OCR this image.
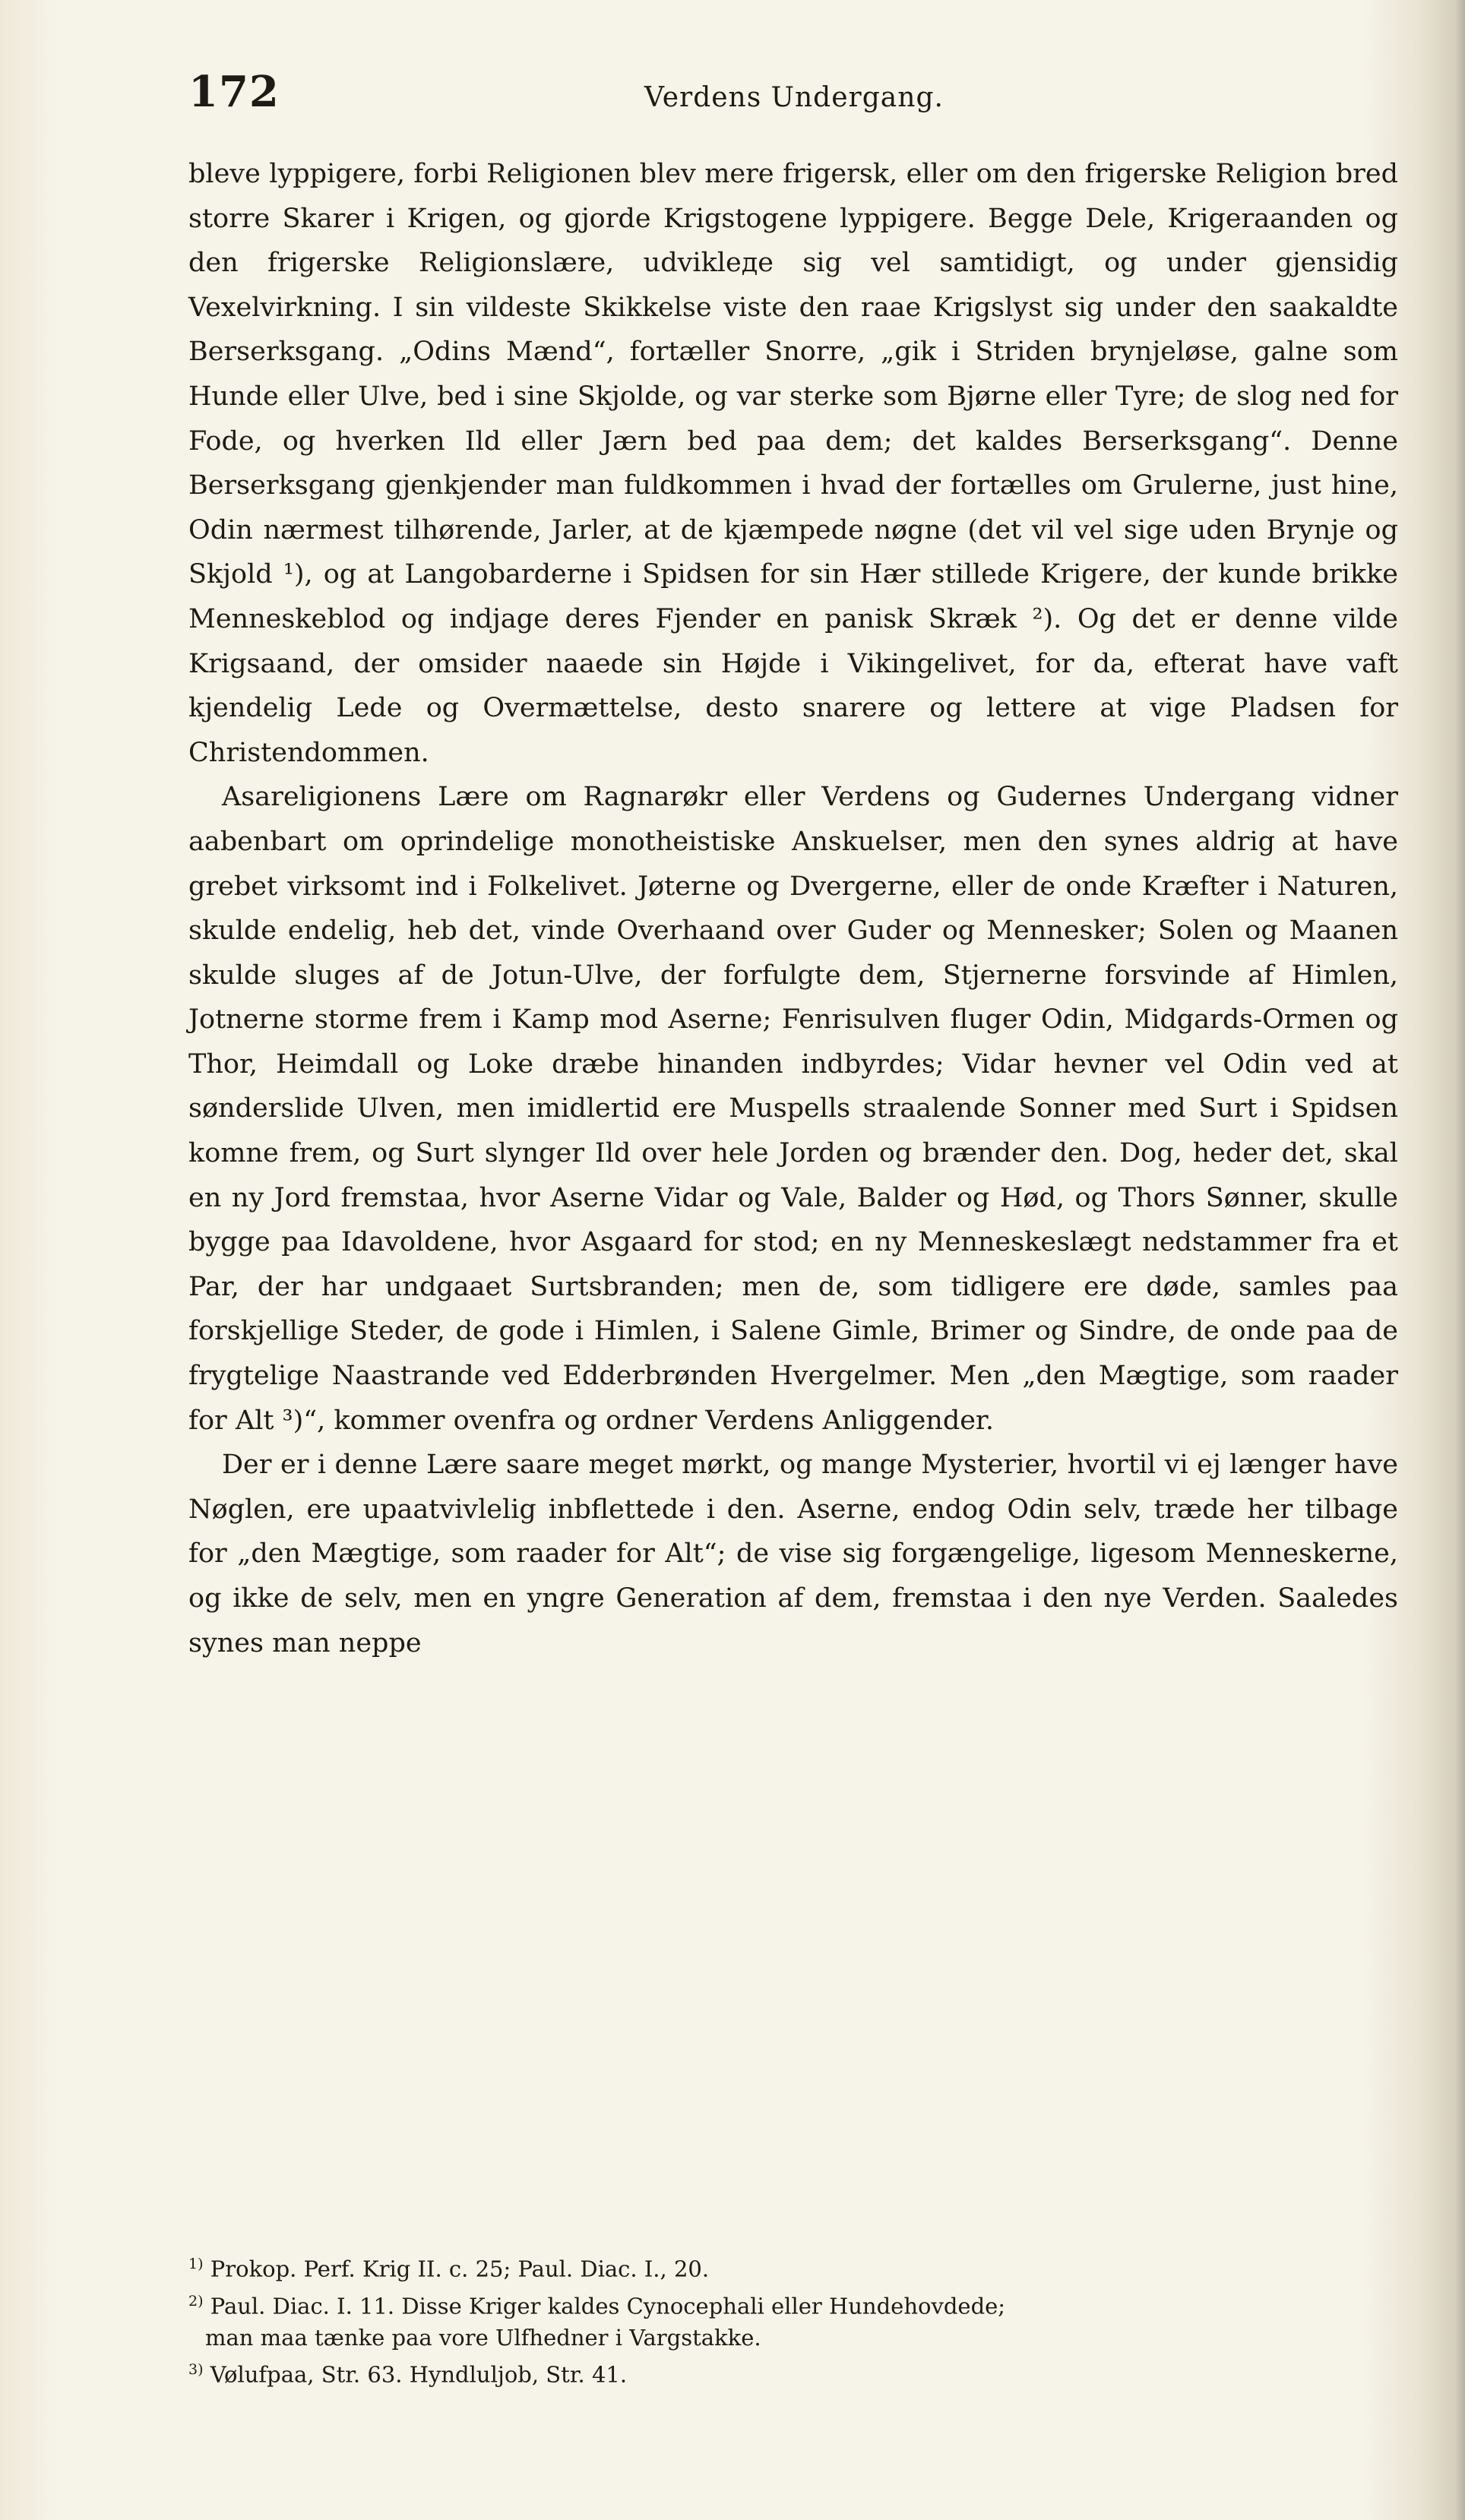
172	Verdens Undergang.

bleve lyppigere, forbi Religionen blev mere frigersk, eller om den frigerske Religion bred storre Skarer i Krigen, og gjorde Krigstogene lyppigere. Begge Dele, Krigeraanden og den frigerske Religionslære, udvikleде sig vel samtidigt, og under gjensidig Vexelvirkning. I sin vildeste Skikkelse viste den raae Krigslyst sig under den saakaldte Berserksgang. „Odins Mænd“, fortæller Snorre, „gik i Striden brynjeløse, galne som Hunde eller Ulve, bed i sine Skjolde, og var sterke som Bjørne eller Tyre; de slog ned for Fode, og hverken Ild eller Jærn bed paa dem; det kaldes Berserksgang“. Denne Berserksgang gjenkjender man fuldkommen i hvad der fortælles om Grulerne, just hine, Odin nærmest tilhørende, Jarler, at de kjæmpede nøgne (det vil vel sige uden Brynje og Skjold ¹), og at Langobarderne i Spidsen for sin Hær stillede Krigere, der kunde brikke Menneskeblod og indjage deres Fjender en panisk Skræk ²). Og det er denne vilde Krigsaand, der omsider naaede sin Højde i Vikingelivet, for da, efterat have vaft kjendelig Lede og Overmættelse, desto snarere og lettere at vige Pladsen for Christendommen.

Asareligionens Lære om Ragnarøkr eller Verdens og Gudernes Undergang vidner aabenbart om oprindelige monotheistiske Anskuelser, men den synes aldrig at have grebet virksomt ind i Folkelivet. Jøterne og Dvergerne, eller de onde Kræfter i Naturen, skulde endelig, heb det, vinde Overhaand over Guder og Mennesker; Solen og Maanen skulde sluges af de Jotun-Ulve, der forfulgte dem, Stjernerne forsvinde af Himlen, Jotnerne storme frem i Kamp mod Aserne; Fenrisulven fluger Odin, Midgards-Ormen og Thor, Heimdall og Loke dræbe hinanden indbyrdes; Vidar hevner vel Odin ved at sønderslide Ulven, men imidlertid ere Muspells straalende Sonner med Surt i Spidsen komne frem, og Surt slynger Ild over hele Jorden og brænder den. Dog, heder det, skal en ny Jord fremstaa, hvor Aserne Vidar og Vale, Balder og Hød, og Thors Sønner, skulle bygge paa Idavoldene, hvor Asgaard for stod; en ny Menneskeslægt nedstammer fra et Par, der har undgaaet Surtsbranden; men de, som tidligere ere døde, samles paa forskjellige Steder, de gode i Himlen, i Salene Gimle, Brimer og Sindre, de onde paa de frygtelige Naastrande ved Edderbrønden Hvergelmer. Men „den Mægtige, som raader for Alt ³)“, kommer ovenfra og ordner Verdens Anliggender.

Der er i denne Lære saare meget mørkt, og mange Mysterier, hvortil vi ej længer have Nøglen, ere upaatvivlelig inbflettede i den. Aserne, endog Odin selv, træde her tilbage for „den Mægtige, som raader for Alt“; de vise sig forgængelige, ligesom Menneskerne, og ikke de selv, men en yngre Generation af dem, fremstaa i den nye Verden. Saaledes synes man neppe

$^{1)}$ Prokop. Perf. Krig II. c. 25; Paul. Diac. I., 20.

$^{2)}$ Paul. Diac. I. 11. Disse Kriger kaldes Cynocephali eller Hundehovdede;

man maa tænke paa vore Ulfhedner i Vargstakke.

$^{3)}$ Vølufpaa, Str. 63. Hyndluljob, Str. 41.
